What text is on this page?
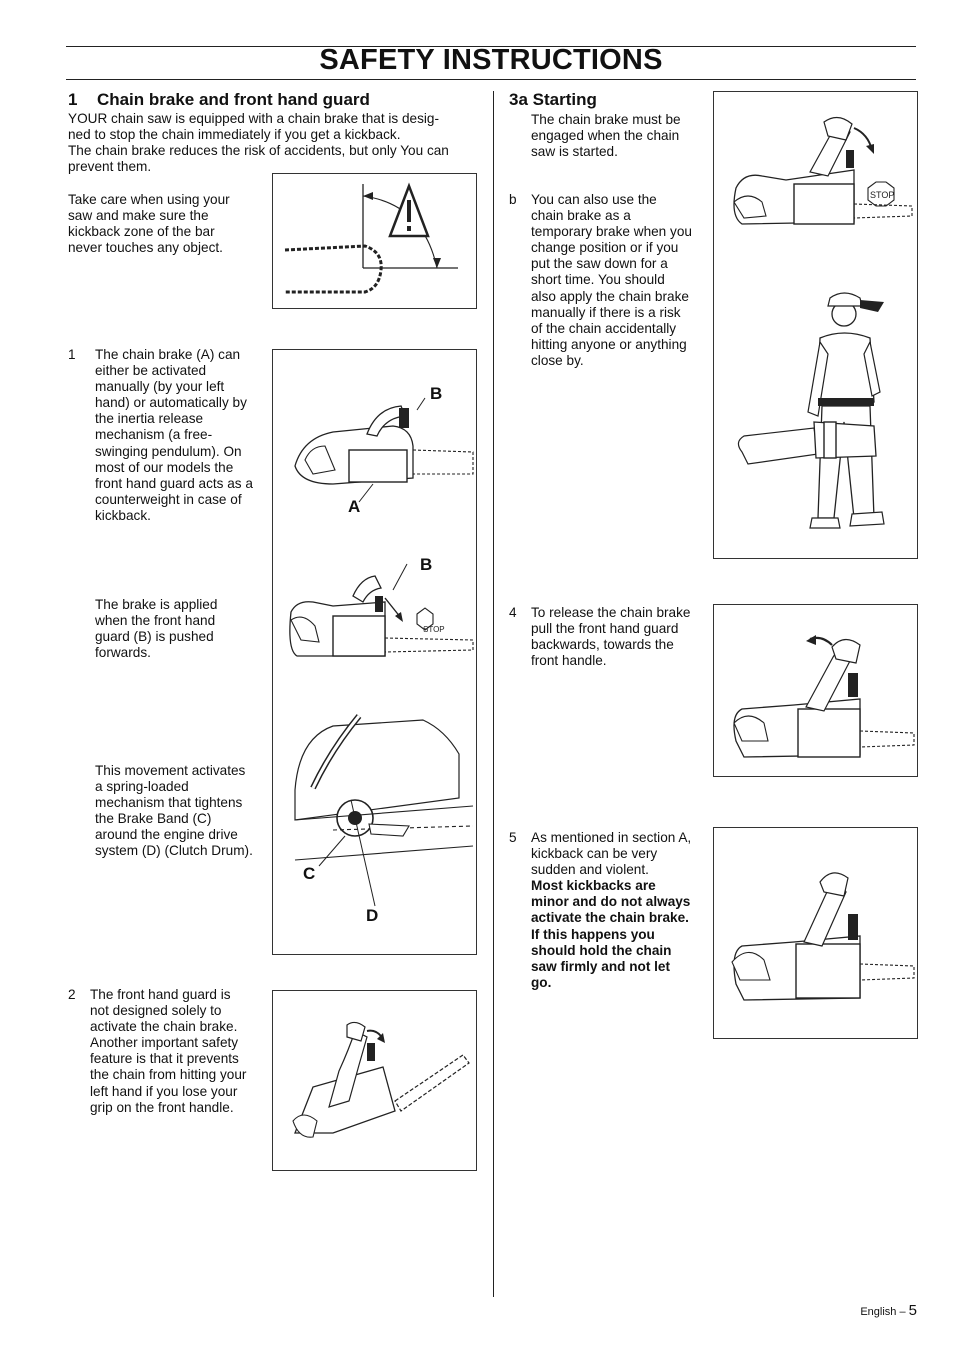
SAFETY INSTRUCTIONS
1 Chain brake and front hand guard
YOUR chain saw is equipped with a chain brake that is desig-
ned to stop the chain immediately if you get a kickback.
The chain brake reduces the risk of accidents, but only You can
prevent them.
Take care when using your
saw and make sure the
kickback zone of the bar
never touches any object.
1 The chain brake (A) can
either be activated
manually (by your left
hand) or automatically by
the inertia release
mechanism (a free-
swinging pendulum). On
most of our models the
front hand guard acts as a
counterweight in case of
kickback.
The brake is applied
when the front hand
guard (B) is pushed
forwards.
This movement activates
a spring-loaded
mechanism that tightens
the Brake Band (C)
around the engine drive
system (D) (Clutch Drum).
STOP
B
A
B
C
D
2 The front hand guard is
not designed solely to
activate the chain brake.
Another important safety
feature is that it prevents
the chain from hitting your
left hand if you lose your
grip on the front handle.
3a Starting
The chain brake must be
engaged when the chain
saw is started.
b You can also use the
chain brake as a
temporary brake when you
change position or if you
put the saw down for a
short time. You should
also apply the chain brake
manually if there is a risk
of the chain accidentally
hitting anyone or anything
close by.
STOP
4 To release the chain brake
pull the front hand guard
backwards, towards the
front handle.
5 As mentioned in section A,
kickback can be very
sudden and violent.
Most kickbacks are
minor and do not always
activate the chain brake.
If this happens you
should hold the chain
saw firmly and not let
go.
English – 5
